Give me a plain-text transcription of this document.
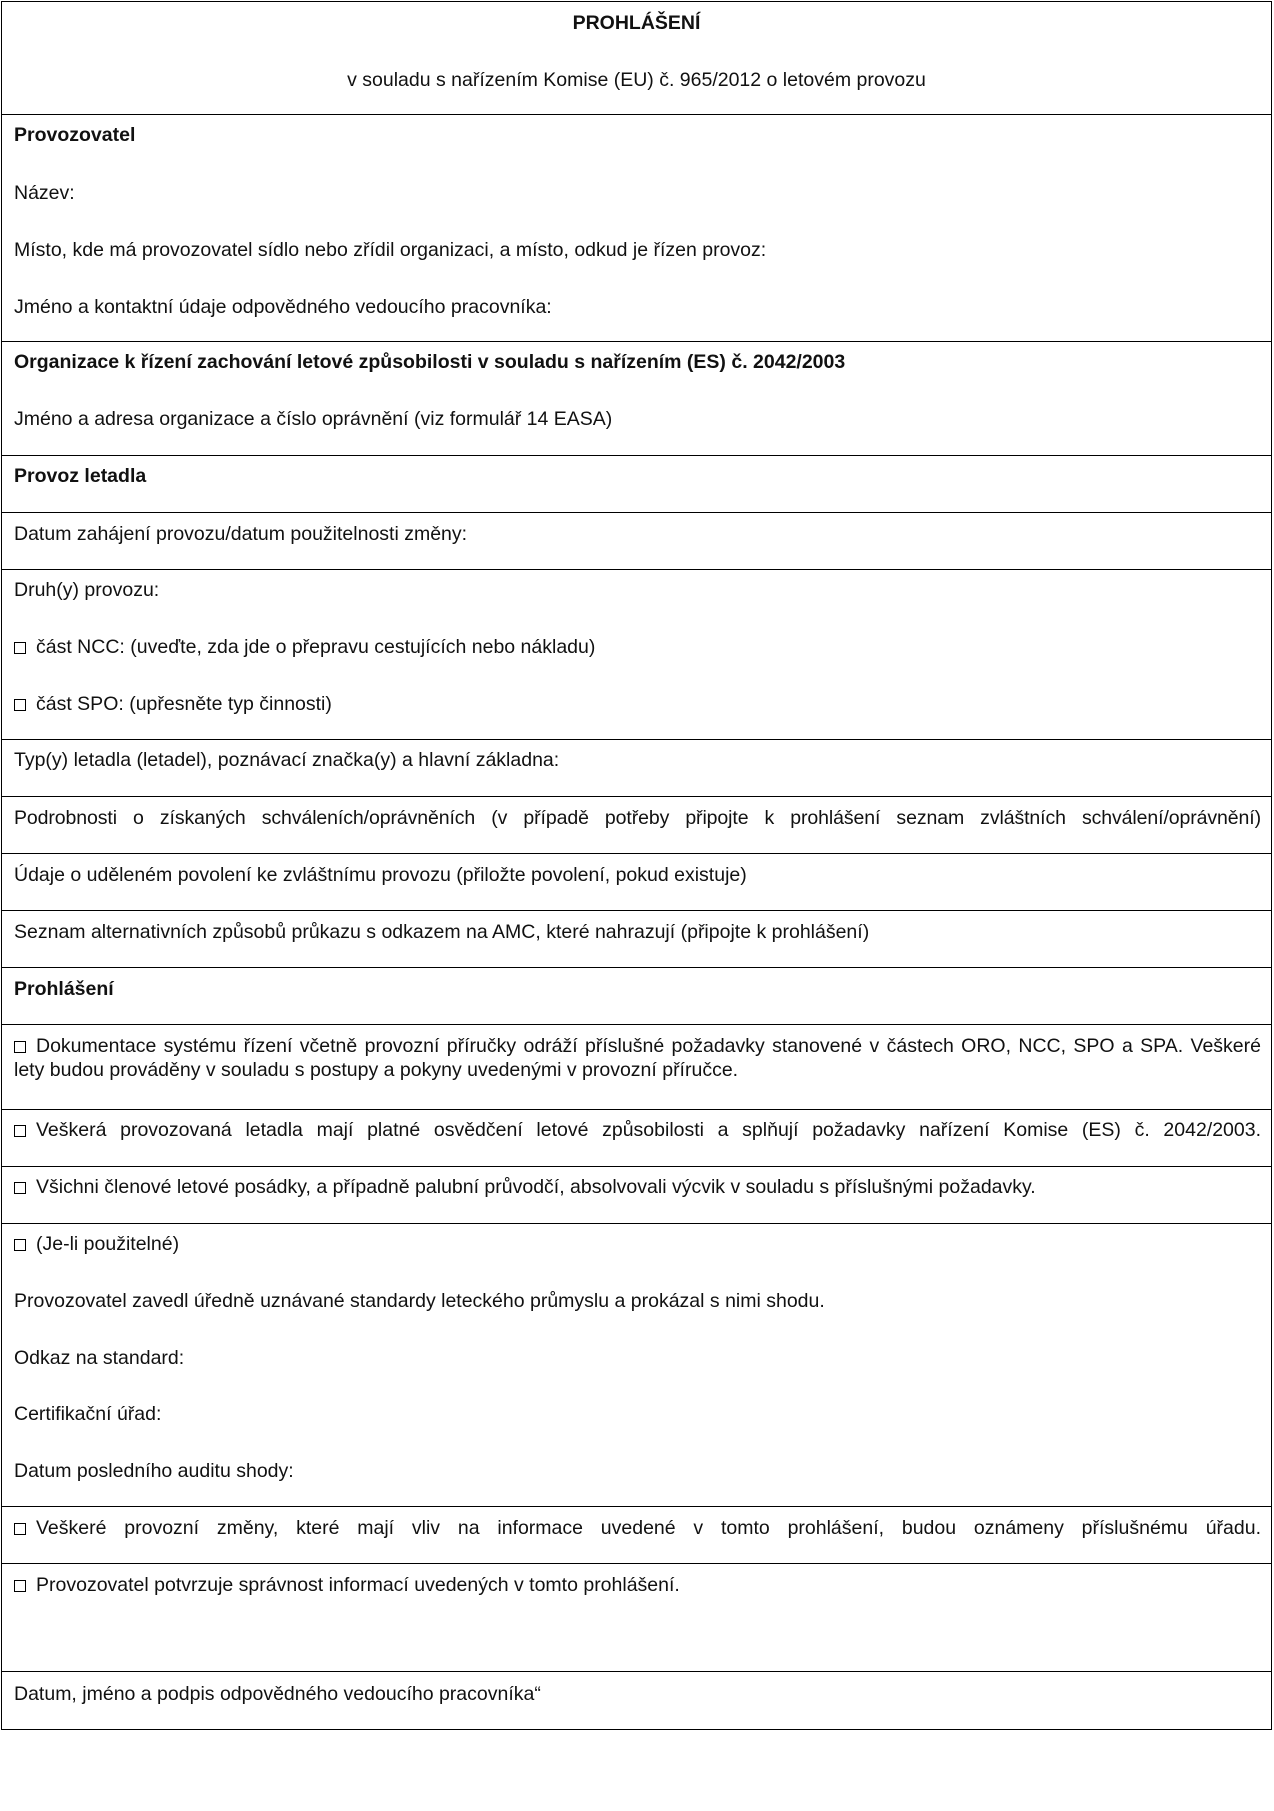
PROHLÁŠENÍ
v souladu s nařízením Komise (EU) č. 965/2012 o letovém provozu
Provozovatel
Název:
Místo, kde má provozovatel sídlo nebo zřídil organizaci, a místo, odkud je řízen provoz:
Jméno a kontaktní údaje odpovědného vedoucího pracovníka:
Organizace k řízení zachování letové způsobilosti v souladu s nařízením (ES) č. 2042/2003
Jméno a adresa organizace a číslo oprávnění (viz formulář 14 EASA)
Provoz letadla
Datum zahájení provozu/datum použitelnosti změny:
Druh(y) provozu:
část NCC: (uveďte, zda jde o přepravu cestujících nebo nákladu)
část SPO: (upřesněte typ činnosti)
Typ(y) letadla (letadel), poznávací značka(y) a hlavní základna:
Podrobnosti o získaných schváleních/oprávněních (v případě potřeby připojte k prohlášení seznam zvláštních schválení/oprávnění)
Údaje o uděleném povolení ke zvláštnímu provozu (přiložte povolení, pokud existuje)
Seznam alternativních způsobů průkazu s odkazem na AMC, které nahrazují (připojte k prohlášení)
Prohlášení
Dokumentace systému řízení včetně provozní příručky odráží příslušné požadavky stanovené v částech ORO, NCC, SPO a SPA. Veškeré lety budou prováděny v souladu s postupy a pokyny uvedenými v provozní příručce.
Veškerá provozovaná letadla mají platné osvědčení letové způsobilosti a splňují požadavky nařízení Komise (ES) č. 2042/2003.
Všichni členové letové posádky, a případně palubní průvodčí, absolvovali výcvik v souladu s příslušnými požadavky.
(Je-li použitelné)
Provozovatel zavedl úředně uznávané standardy leteckého průmyslu a prokázal s nimi shodu.
Odkaz na standard:
Certifikační úřad:
Datum posledního auditu shody:
Veškeré provozní změny, které mají vliv na informace uvedené v tomto prohlášení, budou oznámeny příslušnému úřadu.
Provozovatel potvrzuje správnost informací uvedených v tomto prohlášení.
Datum, jméno a podpis odpovědného vedoucího pracovníka“
